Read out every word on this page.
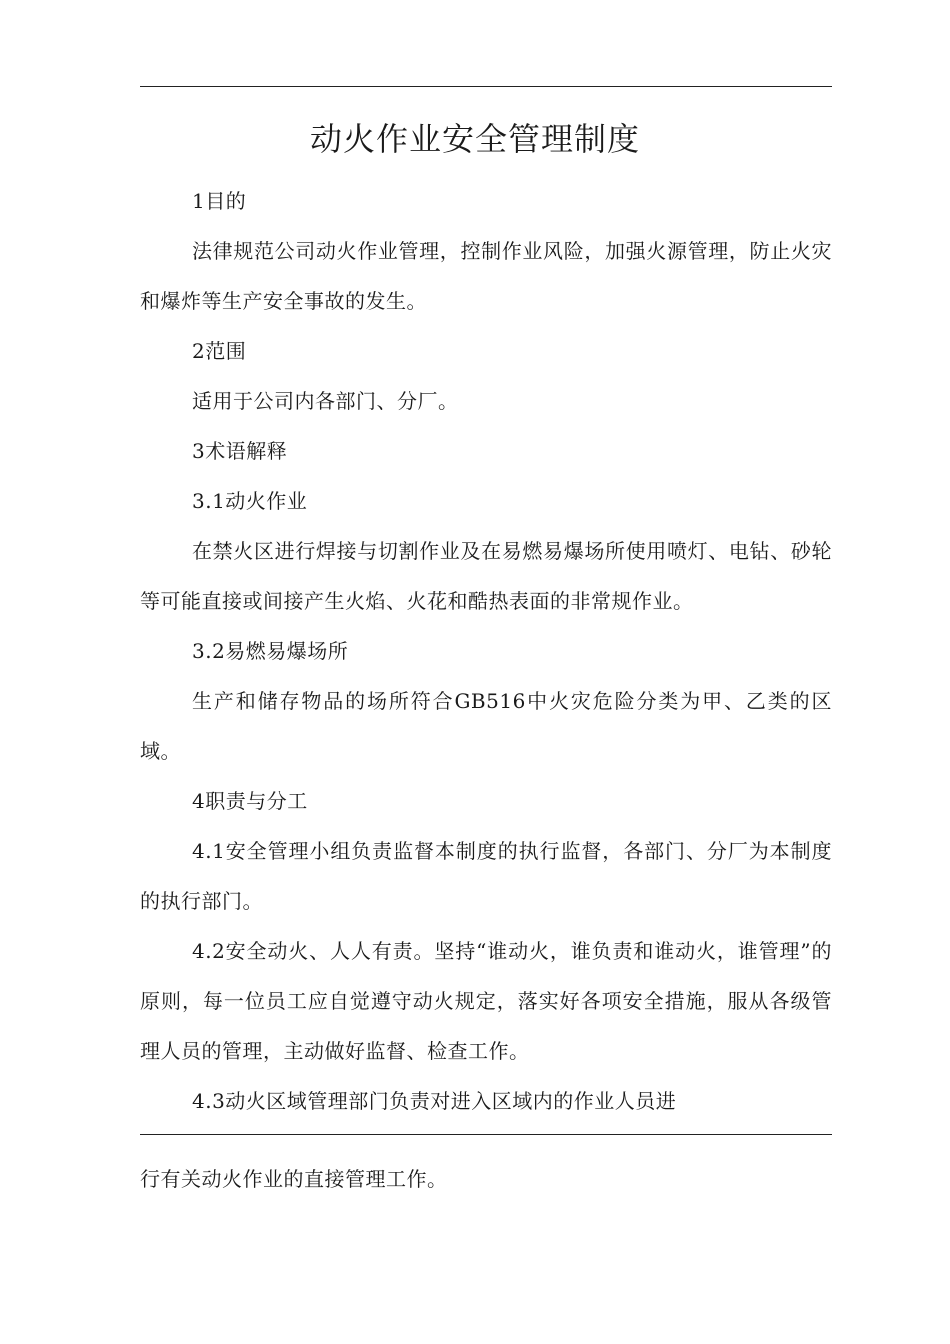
动火作业安全管理制度

1目的

法律规范公司动火作业管理，控制作业风险，加强火源管理，防止火灾和爆炸等生产安全事故的发生。

2范围

适用于公司内各部门、分厂。

3术语解释

3.1动火作业

在禁火区进行焊接与切割作业及在易燃易爆场所使用喷灯、电钻、砂轮等可能直接或间接产生火焰、火花和酷热表面的非常规作业。

3.2易燃易爆场所

生产和储存物品的场所符合GB516中火灾危险分类为甲、乙类的区域。

4职责与分工

4.1安全管理小组负责监督本制度的执行监督，各部门、分厂为本制度的执行部门。

4.2安全动火、人人有责。坚持“谁动火，谁负责和谁动火，谁管理”的原则，每一位员工应自觉遵守动火规定，落实好各项安全措施，服从各级管理人员的管理，主动做好监督、检查工作。

4.3动火区域管理部门负责对进入区域内的作业人员进

行有关动火作业的直接管理工作。
